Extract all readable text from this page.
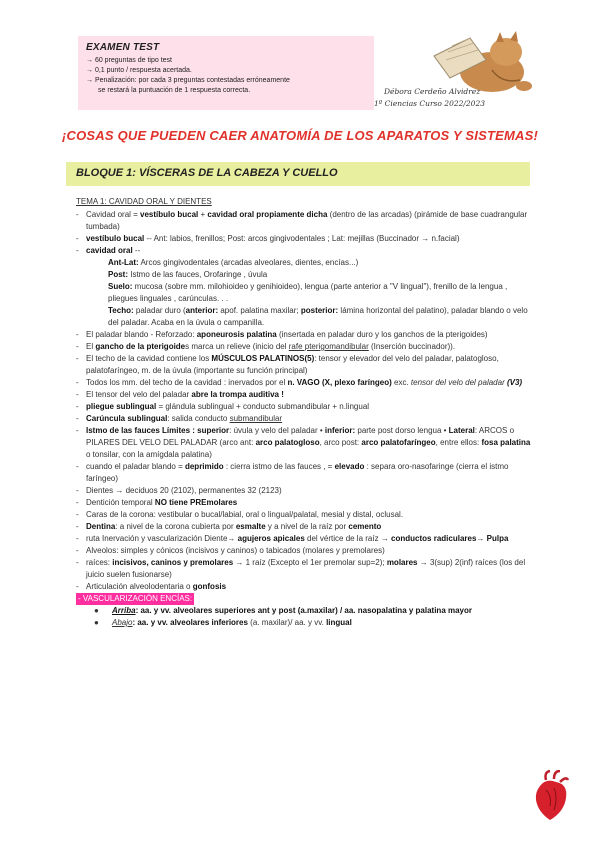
EXAMEN TEST
→ 60 preguntas de tipo test
→ 0,1 punto / respuesta acertada.
→ Penalización: por cada 3 preguntas contestadas erróneamente
se restará la puntuación de 1 respuesta correcta.	Débora Cerdeño Alvidrez
1º Ciencias Curso 2022/2023
¡COSAS QUE PUEDEN CAER ANATOMÍA DE LOS APARATOS Y SISTEMAS!
BLOQUE 1: VÍSCERAS DE LA CABEZA Y CUELLO
TEMA 1: CAVIDAD ORAL Y DIENTES
- Cavidad oral = vestíbulo bucal + cavidad oral propiamente dicha (dentro de las arcadas) (pirámide de base cuadrangular tumbada)
- vestíbulo bucal -- Ant: labios, frenillos; Post: arcos gingivodentales ; Lat: mejillas (Buccinador → n.facial)
- cavidad oral --
Ant-Lat: Arcos gingivodentales (arcadas alveolares, dientes, encías...)
Post: Istmo de las fauces, Orofaringe , úvula
Suelo: mucosa (sobre mm. milohioideo y genihioideo), lengua (parte anterior a "V lingual"), frenillo de la lengua , pliegues linguales , carúnculas. . .
Techo: paladar duro (anterior: apof. palatina maxilar; posterior: lámina horizontal del palatino), paladar blando o velo del paladar. Acaba en la úvula o campanilla.
- El paladar blando - Reforzado: aponeurosis palatina (insertada en paladar duro y los ganchos de la pterigoides)
- El gancho de la pterigoides marca un relieve (inicio del rafe pterigomandibular (Inserción buccinador)).
- El techo de la cavidad contiene los MÚSCULOS PALATINOS(5): tensor y elevador del velo del paladar, palatogloso, palatofaríngeo, m. de la úvula (importante su función principal)
- Todos los mm. del techo de la cavidad : inervados por el n. VAGO (X, plexo faríngeo) exc. tensor del velo del paladar (V3)
- El tensor del velo del paladar abre la trompa auditiva !
- pliegue sublingual = glándula sublingual + conducto submandibular + n.lingual
- Carúncula sublingual: salida conducto submandibular
- Istmo de las fauces Límites : superior: úvula y velo del paladar • inferior: parte post dorso lengua • Lateral: ARCOS o PILARES DEL VELO DEL PALADAR (arco ant: arco palatogloso, arco post: arco palatofaríngeo, entre ellos: fosa palatina o tonsilar, con la amígdala palatina)
- cuando el paladar blando = deprimido : cierra istmo de las fauces , = elevado : separa oro-nasofaringe (cierra el istmo faríngeo)
- Dientes → deciduos 20 (2102), permanentes 32 (2123)
- Dentición temporal NO tiene PREmolares
- Caras de la corona: vestibular o bucal/labial, oral o lingual/palatal, mesial y distal, oclusal.
- Dentina: a nivel de la corona cubierta por esmalte y a nivel de la raíz por cemento
- ruta Inervación y vascularización Diente→ agujeros apicales del vértice de la raíz → conductos radiculares→ Pulpa
- Alveolos: simples y cónicos (incisivos y caninos) o tabicados (molares y premolares)
- raíces: incisivos, caninos y premolares → 1 raíz (Excepto el 1er premolar sup=2); molares → 3(sup) 2(inf) raíces (los del juicio suelen fusionarse)
- Articulación alveolodentaria o gonfosis
- VASCULARIZACIÓN ENCÍAS:
●	Arriba: aa. y vv. alveolares superiores ant y post (a.maxilar) / aa. nasopalatina y palatina mayor
●	Abajo: aa. y vv. alveolares inferiores (a. maxilar)/ aa. y vv. lingual
